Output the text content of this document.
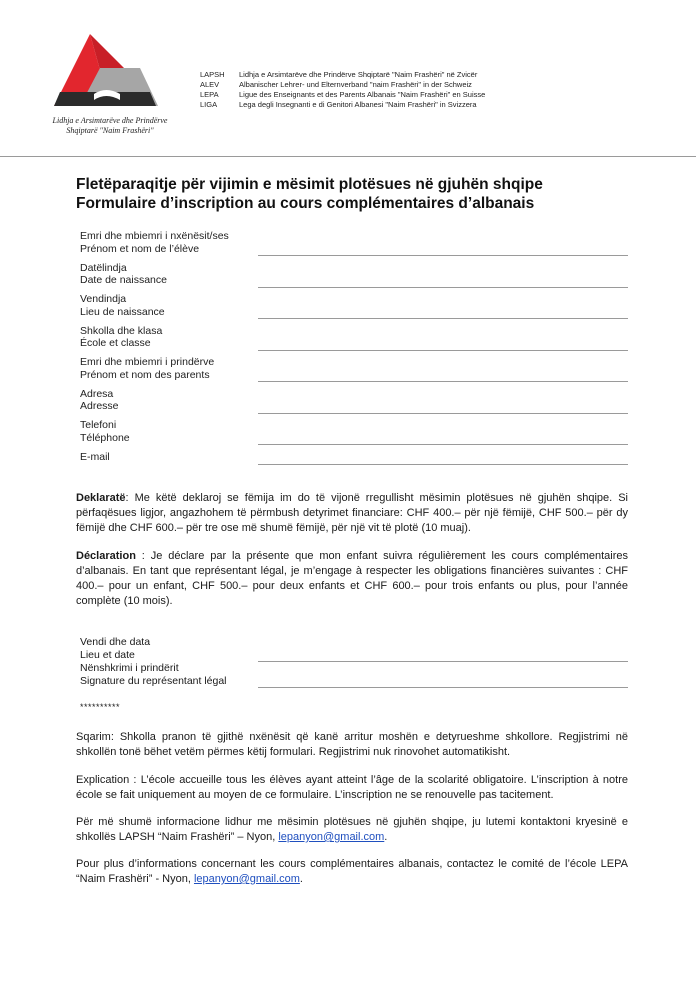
Lidhja e Arsimtarëve dhe Prindërve
Shqiptarë "Naim Frashëri"
LAPSH	Lidhja e Arsimtarëve dhe Prindërve Shqiptarë "Naim Frashëri" në Zvicër
ALEV	Albanischer Lehrer- und Elternverband "naim Frashëri" in der Schweiz
LEPA	Ligue des Enseignants et des Parents Albanais "Naim Frashëri" en Suisse
LIGA	Lega degli Insegnanti e di Genitori Albanesi "Naim Frashëri" in Svizzera
Fletëparaqitje për vijimin e mësimit plotësues në gjuhën shqipe
Formulaire d’inscription au cours complémentaires d’albanais
Emri dhe mbiemri i nxënësit/ses
Prénom et nom de l’élève
Datëlindja
Date de naissance
Vendindja
Lieu de naissance
Shkolla dhe klasa
École et classe
Emri dhe mbiemri i prindërve
Prénom et nom des parents
Adresa
Adresse
Telefoni
Téléphone
E-mail
Deklaratë: Me këtë deklaroj se fëmija im do të vijonë rregullisht mësimin plotësues në gjuhën shqipe. Si përfaqësues ligjor, angazhohem të përmbush detyrimet financiare: CHF 400.– për një fëmijë, CHF 500.– për dy fëmijë dhe CHF 600.– për tre ose më shumë fëmijë, për një vit të plotë (10 muaj).
Déclaration : Je déclare par la présente que mon enfant suivra régulièrement les cours complémentaires d’albanais. En tant que représentant légal, je m’engage à respecter les obligations financières suivantes : CHF 400.– pour un enfant, CHF 500.– pour deux enfants et CHF 600.– pour trois enfants ou plus, pour l’année complète (10 mois).
Vendi dhe data
Lieu et date
Nënshkrimi i prindërit
Signature du représentant légal
**********
Sqarim: Shkolla pranon të gjithë nxënësit që kanë arritur moshën e detyrueshme shkollore. Regjistrimi në shkollën tonë bëhet vetëm përmes këtij formulari. Regjistrimi nuk rinovohet automatikisht.
Explication : L’école accueille tous les élèves ayant atteint l’âge de la scolarité obligatoire. L’inscription à notre école se fait uniquement au moyen de ce formulaire. L’inscription ne se renouvelle pas tacitement.
Për më shumë informacione lidhur me mësimin plotësues në gjuhën shqipe, ju lutemi kontaktoni kryesinë e shkollës LAPSH “Naim Frashëri” – Nyon, lepanyon@gmail.com.
Pour plus d’informations concernant les cours complémentaires albanais, contactez le comité de l’école LEPA “Naim Frashëri” - Nyon, lepanyon@gmail.com.
